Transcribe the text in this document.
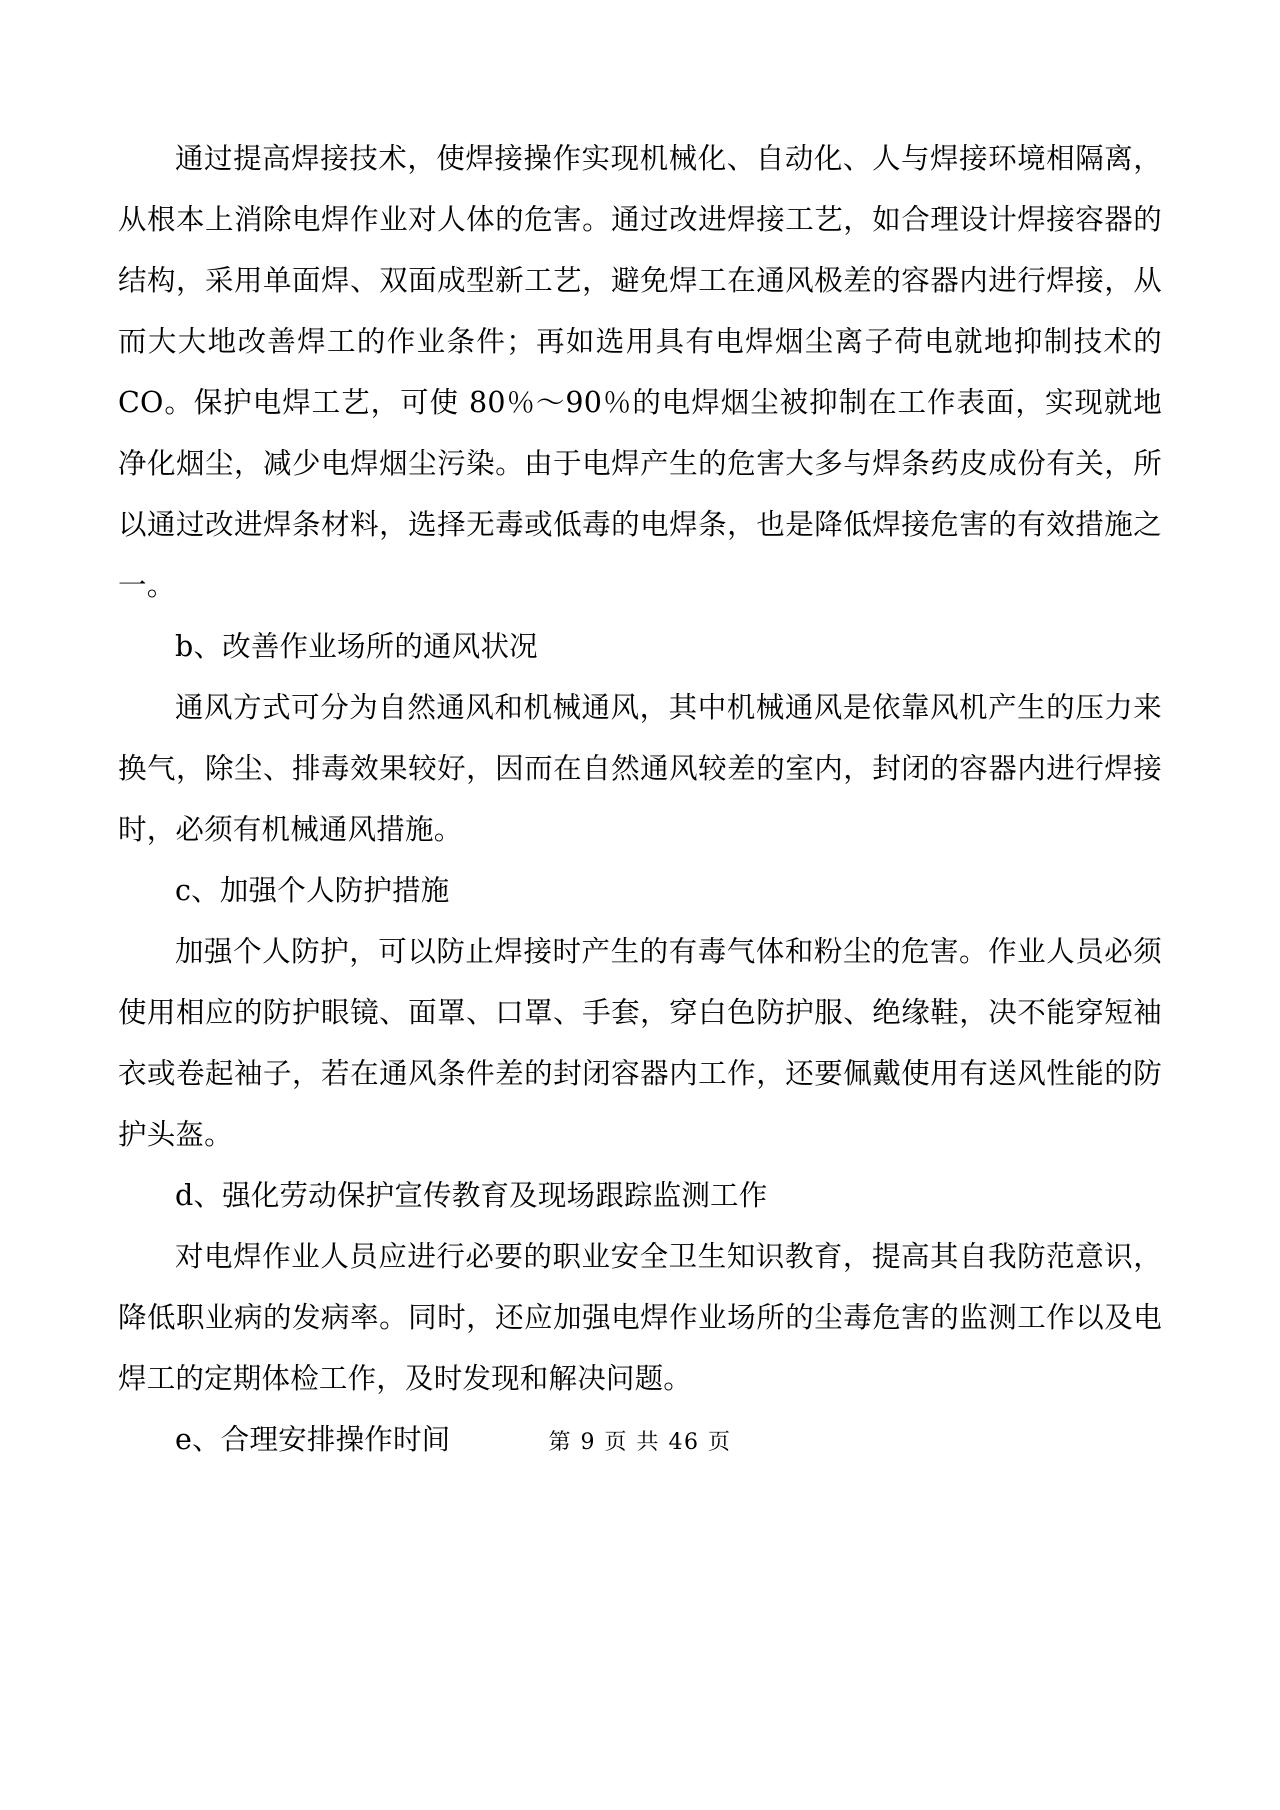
通过提高焊接技术，使焊接操作实现机械化、自动化、人与焊接环境相隔离，从根本上消除电焊作业对人体的危害。通过改进焊接工艺，如合理设计焊接容器的结构，采用单面焊、双面成型新工艺，避免焊工在通风极差的容器内进行焊接，从而大大地改善焊工的作业条件；再如选用具有电焊烟尘离子荷电就地抑制技术的 CO。保护电焊工艺，可使 80％～90％的电焊烟尘被抑制在工作表面，实现就地净化烟尘，减少电焊烟尘污染。由于电焊产生的危害大多与焊条药皮成份有关，所以通过改进焊条材料，选择无毒或低毒的电焊条，也是降低焊接危害的有效措施之一。

b、改善作业场所的通风状况

通风方式可分为自然通风和机械通风，其中机械通风是依靠风机产生的压力来换气，除尘、排毒效果较好，因而在自然通风较差的室内，封闭的容器内进行焊接时，必须有机械通风措施。

c、加强个人防护措施

加强个人防护，可以防止焊接时产生的有毒气体和粉尘的危害。作业人员必须使用相应的防护眼镜、面罩、口罩、手套，穿白色防护服、绝缘鞋，决不能穿短袖衣或卷起袖子，若在通风条件差的封闭容器内工作，还要佩戴使用有送风性能的防护头盔。

d、强化劳动保护宣传教育及现场跟踪监测工作

对电焊作业人员应进行必要的职业安全卫生知识教育，提高其自我防范意识，降低职业病的发病率。同时，还应加强电焊作业场所的尘毒危害的监测工作以及电焊工的定期体检工作，及时发现和解决问题。

e、合理安排操作时间	第 9 页 共 46 页
